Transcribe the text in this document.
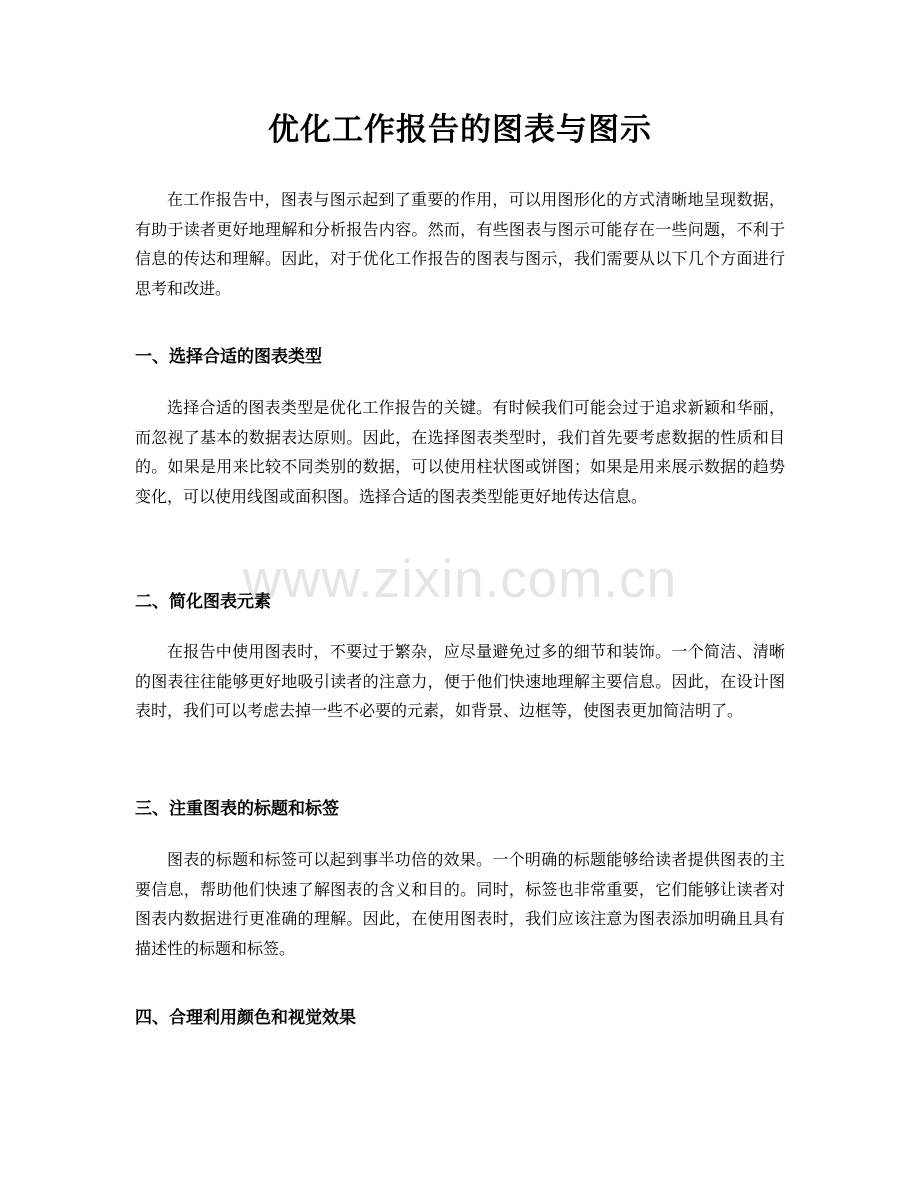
优化工作报告的图表与图示

在工作报告中，图表与图示起到了重要的作用，可以用图形化的方式清晰地呈现数据，有助于读者更好地理解和分析报告内容。然而，有些图表与图示可能存在一些问题，不利于信息的传达和理解。因此，对于优化工作报告的图表与图示，我们需要从以下几个方面进行思考和改进。

一、选择合适的图表类型

选择合适的图表类型是优化工作报告的关键。有时候我们可能会过于追求新颖和华丽，而忽视了基本的数据表达原则。因此，在选择图表类型时，我们首先要考虑数据的性质和目的。如果是用来比较不同类别的数据，可以使用柱状图或饼图；如果是用来展示数据的趋势变化，可以使用线图或面积图。选择合适的图表类型能更好地传达信息。

二、简化图表元素

在报告中使用图表时，不要过于繁杂，应尽量避免过多的细节和装饰。一个简洁、清晰的图表往往能够更好地吸引读者的注意力，便于他们快速地理解主要信息。因此，在设计图表时，我们可以考虑去掉一些不必要的元素，如背景、边框等，使图表更加简洁明了。

三、注重图表的标题和标签

图表的标题和标签可以起到事半功倍的效果。一个明确的标题能够给读者提供图表的主要信息，帮助他们快速了解图表的含义和目的。同时，标签也非常重要，它们能够让读者对图表内数据进行更准确的理解。因此，在使用图表时，我们应该注意为图表添加明确且具有描述性的标题和标签。

四、合理利用颜色和视觉效果
www.zixin.com.cn
